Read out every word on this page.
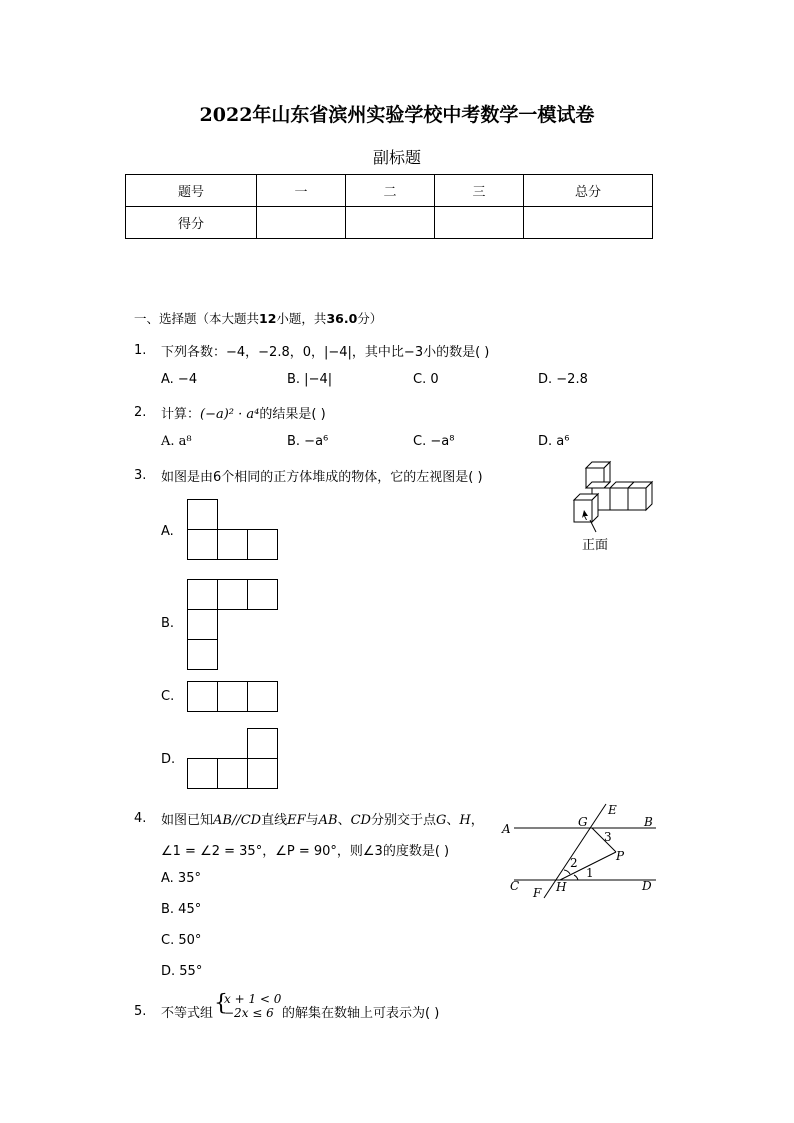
2022年山东省滨州实验学校中考数学一模试卷
副标题
题号	一	二	三	总分
得分				
一、选择题（本大题共12小题，共36.0分）
1. 下列各数：−4，−2.8，0，|−4|，其中比−3小的数是( )
A. −4	B. |−4|	C. 0	D. −2.8
2. 计算：(−a)² · a⁴的结果是( )
A. a⁸	B. −a⁶	C. −a⁸	D. a⁶
3. 如图是由6个相同的正方体堆成的物体，它的左视图是( )
正面
A.
B.
C.
D.
4. 如图已知AB//CD直线EF与AB、CD分别交于点G、H，
∠1 = ∠2 = 35°，∠P = 90°，则∠3的度数是( )
A. 35°
B. 45°
C. 50°
D. 55°
A	B
C	D
E
F
G
H
P
1
2
3
5. 不等式组 {
x + 1 < 0
−2x ≤ 6 的解集在数轴上可表示为( )
